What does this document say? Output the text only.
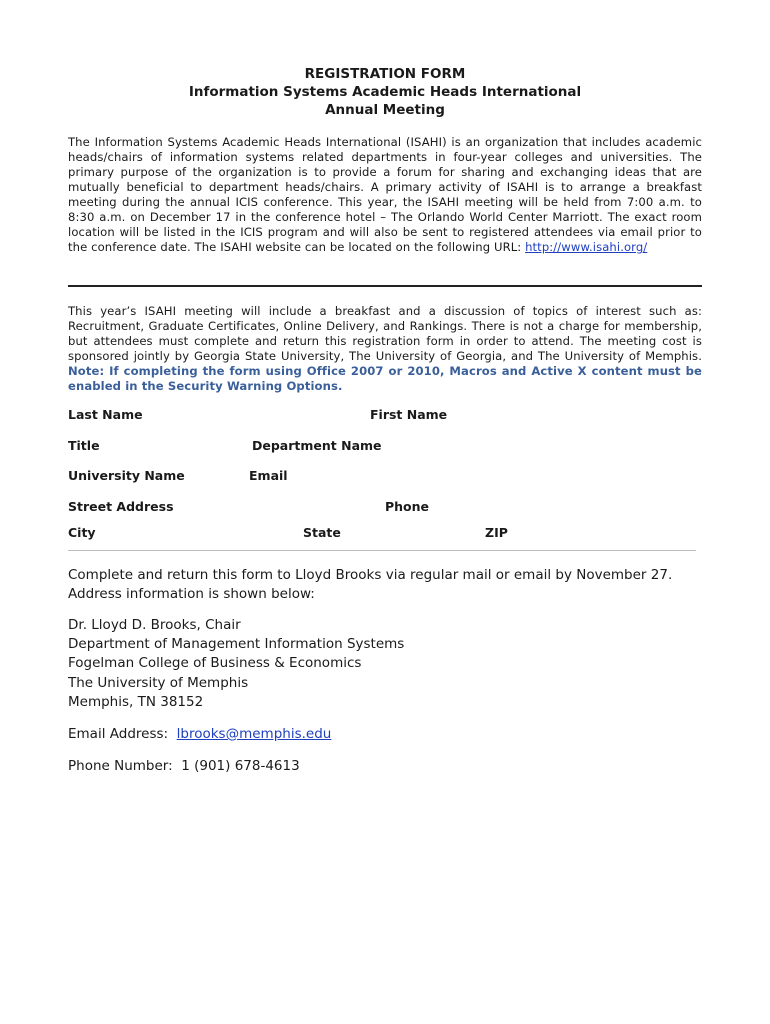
REGISTRATION FORM
Information Systems Academic Heads International
Annual Meeting
The Information Systems Academic Heads International (ISAHI) is an organization that includes academic heads/chairs of information systems related departments in four-year colleges and universities. The primary purpose of the organization is to provide a forum for sharing and exchanging ideas that are mutually beneficial to department heads/chairs. A primary activity of ISAHI is to arrange a breakfast meeting during the annual ICIS conference. This year, the ISAHI meeting will be held from 7:00 a.m. to 8:30 a.m. on December 17 in the conference hotel – The Orlando World Center Marriott. The exact room location will be listed in the ICIS program and will also be sent to registered attendees via email prior to the conference date. The ISAHI website can be located on the following URL: http://www.isahi.org/
This year’s ISAHI meeting will include a breakfast and a discussion of topics of interest such as: Recruitment, Graduate Certificates, Online Delivery, and Rankings. There is not a charge for membership, but attendees must complete and return this registration form in order to attend. The meeting cost is sponsored jointly by Georgia State University, The University of Georgia, and The University of Memphis. Note: If completing the form using Office 2007 or 2010, Macros and Active X content must be enabled in the Security Warning Options.
Last Name	First Name
Title	Department Name
University Name	Email
Street Address	Phone
City	State	ZIP
Complete and return this form to Lloyd Brooks via regular mail or email by November 27. Address information is shown below:
Dr. Lloyd D. Brooks, Chair
Department of Management Information Systems
Fogelman College of Business & Economics
The University of Memphis
Memphis, TN 38152
Email Address:  lbrooks@memphis.edu
Phone Number:  1 (901) 678-4613
